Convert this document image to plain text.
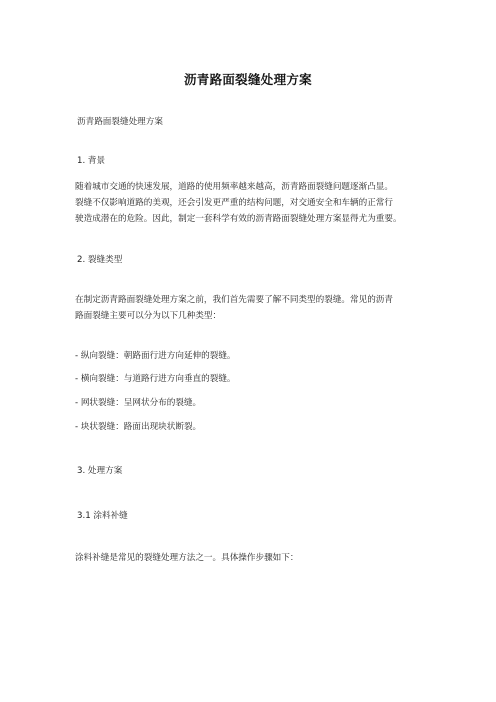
沥青路面裂缝处理方案
沥青路面裂缝处理方案
1. 背景
随着城市交通的快速发展，道路的使用频率越来越高，沥青路面裂缝问题逐渐凸显。
裂缝不仅影响道路的美观，还会引发更严重的结构问题，对交通安全和车辆的正常行
驶造成潜在的危险。因此，制定一套科学有效的沥青路面裂缝处理方案显得尤为重要。
2. 裂缝类型
在制定沥青路面裂缝处理方案之前，我们首先需要了解不同类型的裂缝。常见的沥青
路面裂缝主要可以分为以下几种类型：
- 纵向裂缝：朝路面行进方向延伸的裂缝。
- 横向裂缝：与道路行进方向垂直的裂缝。
- 网状裂缝：呈网状分布的裂缝。
- 块状裂缝：路面出现块状断裂。
3. 处理方案
3.1 涂料补缝
涂料补缝是常见的裂缝处理方法之一。具体操作步骤如下：
